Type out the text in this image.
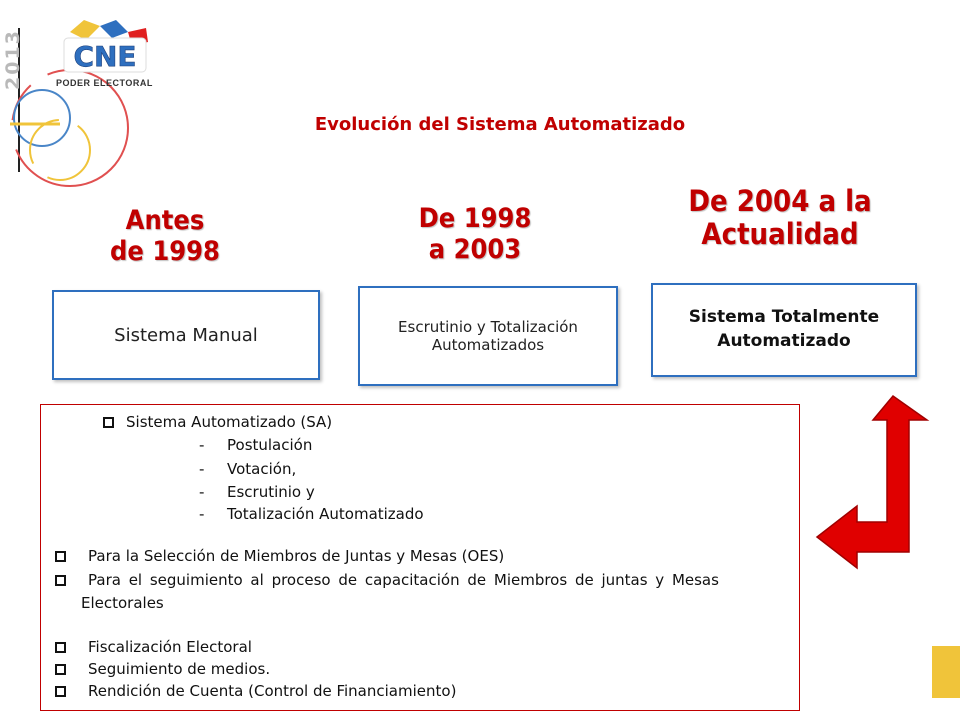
2013 CNE
PODER ELECTORAL
Evolución del Sistema Automatizado
Antes
de 1998
De 1998
a 2003
De 2004 a la
Actualidad
Sistema Manual	Escrutinio y Totalización
Automatizados
Sistema Totalmente
Automatizado
Sistema Automatizado (SA)
- Postulación
- Votación,
- Escrutinio y
- Totalización Automatizado
Para la Selección de Miembros de Juntas y Mesas (OES)
Para el seguimiento al proceso de capacitación de Miembros de juntas y Mesas
Electorales
Fiscalización Electoral
Seguimiento de medios.
Rendición de Cuenta (Control de Financiamiento)
